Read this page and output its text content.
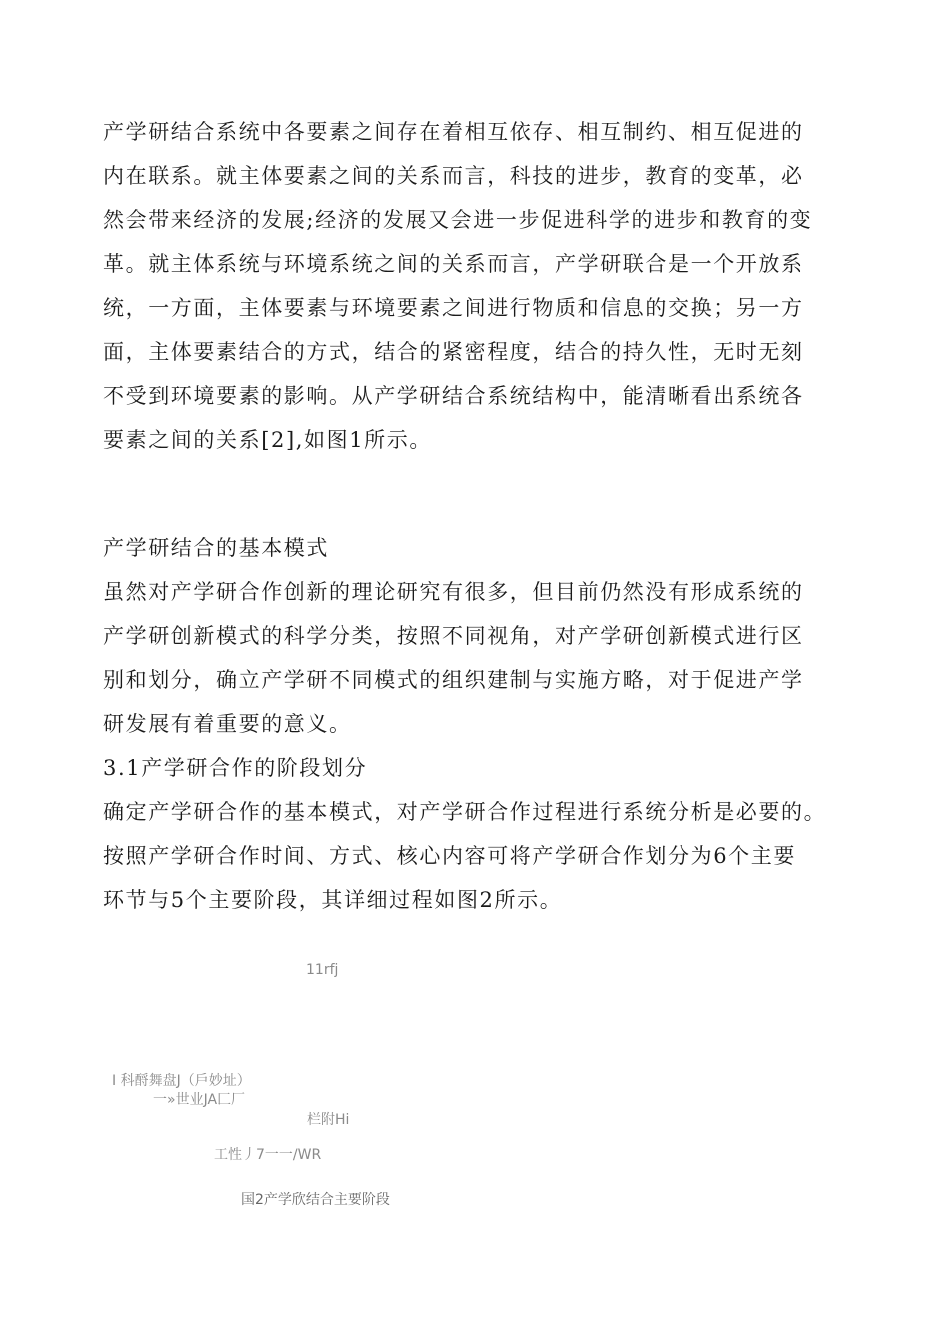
产学研结合系统中各要素之间存在着相互依存、相互制约、相互促进的
内在联系。就主体要素之间的关系而言，科技的进步，教育的变革，必
然会带来经济的发展;经济的发展又会进一步促进科学的进步和教育的变
革。就主体系统与环境系统之间的关系而言，产学研联合是一个开放系
统，一方面，主体要素与环境要素之间进行物质和信息的交换；另一方
面，主体要素结合的方式，结合的紧密程度，结合的持久性，无时无刻
不受到环境要素的影响。从产学研结合系统结构中，能清晰看出系统各
要素之间的关系[2],如图1所示。
产学研结合的基本模式
虽然对产学研合作创新的理论研究有很多，但目前仍然没有形成系统的
产学研创新模式的科学分类，按照不同视角，对产学研创新模式进行区
别和划分，确立产学研不同模式的组织建制与实施方略，对于促进产学
研发展有着重要的意义。
3.1产学研合作的阶段划分
确定产学研合作的基本模式，对产学研合作过程进行系统分析是必要的。
按照产学研合作时间、方式、核心内容可将产学研合作划分为6个主要
环节与5个主要阶段，其详细过程如图2所示。

11rfj

I 科酹舞盘J（戶妙址）

一»世业JA匚厂

栏附Hi

工性丿7一一/WR

国2产学欣结合主要阶段
